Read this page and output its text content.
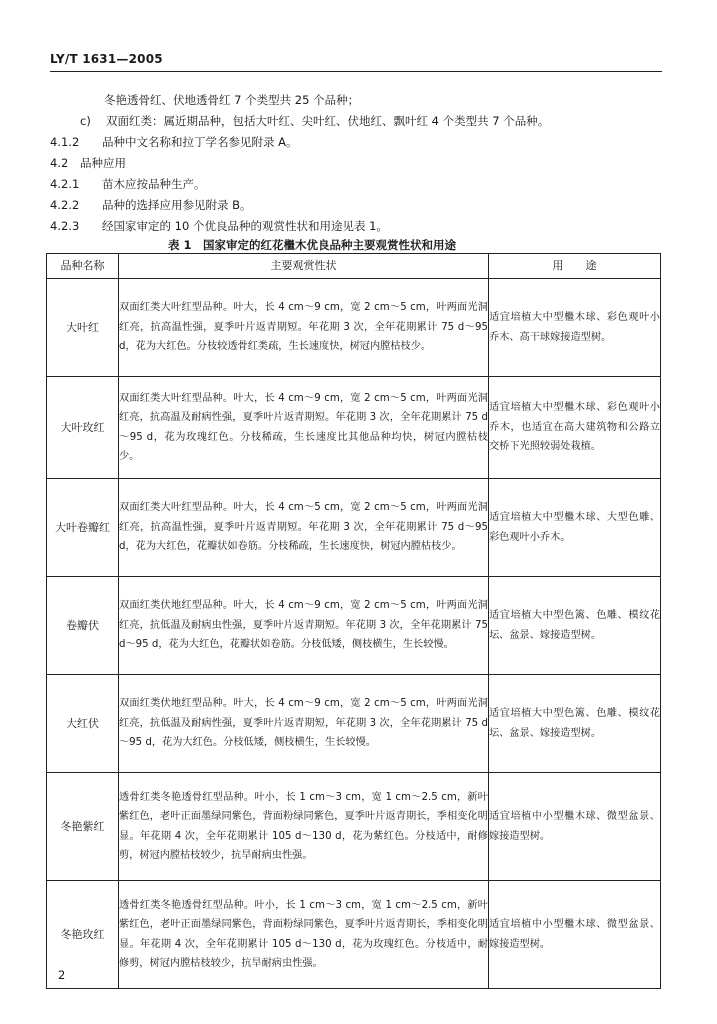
LY/T 1631—2005
冬艳透骨红、伏地透骨红 7 个类型共 25 个品种；
c) 双面红类：属近期品种，包括大叶红、尖叶红、伏地红、飘叶红 4 个类型共 7 个品种。
4.1.2 品种中文名称和拉丁学名参见附录 A。
4.2 品种应用
4.2.1 苗木应按品种生产。
4.2.2 品种的选择应用参见附录 B。
4.2.3 经国家审定的 10 个优良品种的观赏性状和用途见表 1。
表 1　国家审定的红花檵木优良品种主要观赏性状和用途
品种名称	主要观赏性状	用　　途
大叶红	双面红类大叶红型品种。叶大，长 4 cm～9 cm，宽 2 cm～5 cm，叶两面光洞红亮，抗高温性强，夏季叶片返青期短。年花期 3 次，全年花期累计 75 d～95 d，花为大红色。分枝较透骨红类疏，生长速度快，树冠内膛枯枝少。	适宜培植大中型檵木球、彩色观叶小乔木、高干球嫁接造型树。
大叶玫红	双面红类大叶红型品种。叶大，长 4 cm～9 cm，宽 2 cm～5 cm，叶两面光洞红亮，抗高温及耐病性强，夏季叶片返青期短。年花期 3 次，全年花期累计 75 d～95 d，花为玫瑰红色。分枝稀疏，生长速度比其他品种均快，树冠内膛枯枝少。	适宜培植大中型檵木球、彩色观叶小乔木，也适宜在高大建筑物和公路立交桥下光照较弱处栽植。
大叶卷瓣红	双面红类大叶红型品种。叶大，长 4 cm～5 cm，宽 2 cm～5 cm，叶两面光洞红亮，抗高温性强，夏季叶片返青期短。年花期 3 次，全年花期累计 75 d～95 d，花为大红色，花瓣状如卷筋。分枝稀疏，生长速度快，树冠内膛枯枝少。	适宜培植大中型檵木球、大型色雕、彩色观叶小乔木。
卷瓣伏	双面红类伏地红型品种。叶大，长 4 cm～9 cm，宽 2 cm～5 cm，叶两面光洞红亮，抗低温及耐病虫性强，夏季叶片返青期短。年花期 3 次，全年花期累计 75 d～95 d，花为大红色，花瓣状如卷筋。分枝低矮，侧枝横生，生长较慢。	适宜培植大中型色篱、色雕、模纹花坛、盆景、嫁接造型树。
大红伏	双面红类伏地红型品种。叶大，长 4 cm～9 cm，宽 2 cm～5 cm，叶两面光洞红亮，抗低温及耐病性强，夏季叶片返青期短，年花期 3 次，全年花期累计 75 d～95 d，花为大红色。分枝低矮，侧枝横生，生长较慢。	适宜培植大中型色篱、色雕、模纹花坛、盆景、嫁接造型树。
冬艳紫红	透骨红类冬艳透骨红型品种。叶小，长 1 cm～3 cm，宽 1 cm～2.5 cm，新叶紫红色，老叶正面墨绿同紫色，背面粉绿同紫色，夏季叶片返青期长，季相变化明显。年花期 4 次，全年花期累计 105 d～130 d，花为紫红色。分枝适中，耐修剪，树冠内膛枯枝较少，抗旱耐病虫性强。	适宜培植中小型檵木球、微型盆景、嫁接造型树。
冬艳玫红	透骨红类冬艳透骨红型品种。叶小，长 1 cm～3 cm，宽 1 cm～2.5 cm，新叶紫红色，老叶正面墨绿同紫色，背面粉绿同紫色，夏季叶片返青期长，季相变化明显。年花期 4 次，全年花期累计 105 d～130 d，花为玫瑰红色。分枝适中，耐修剪，树冠内膛枯枝较少，抗旱耐病虫性强。	适宜培植中小型檵木球、微型盆景、嫁接造型树。
2
